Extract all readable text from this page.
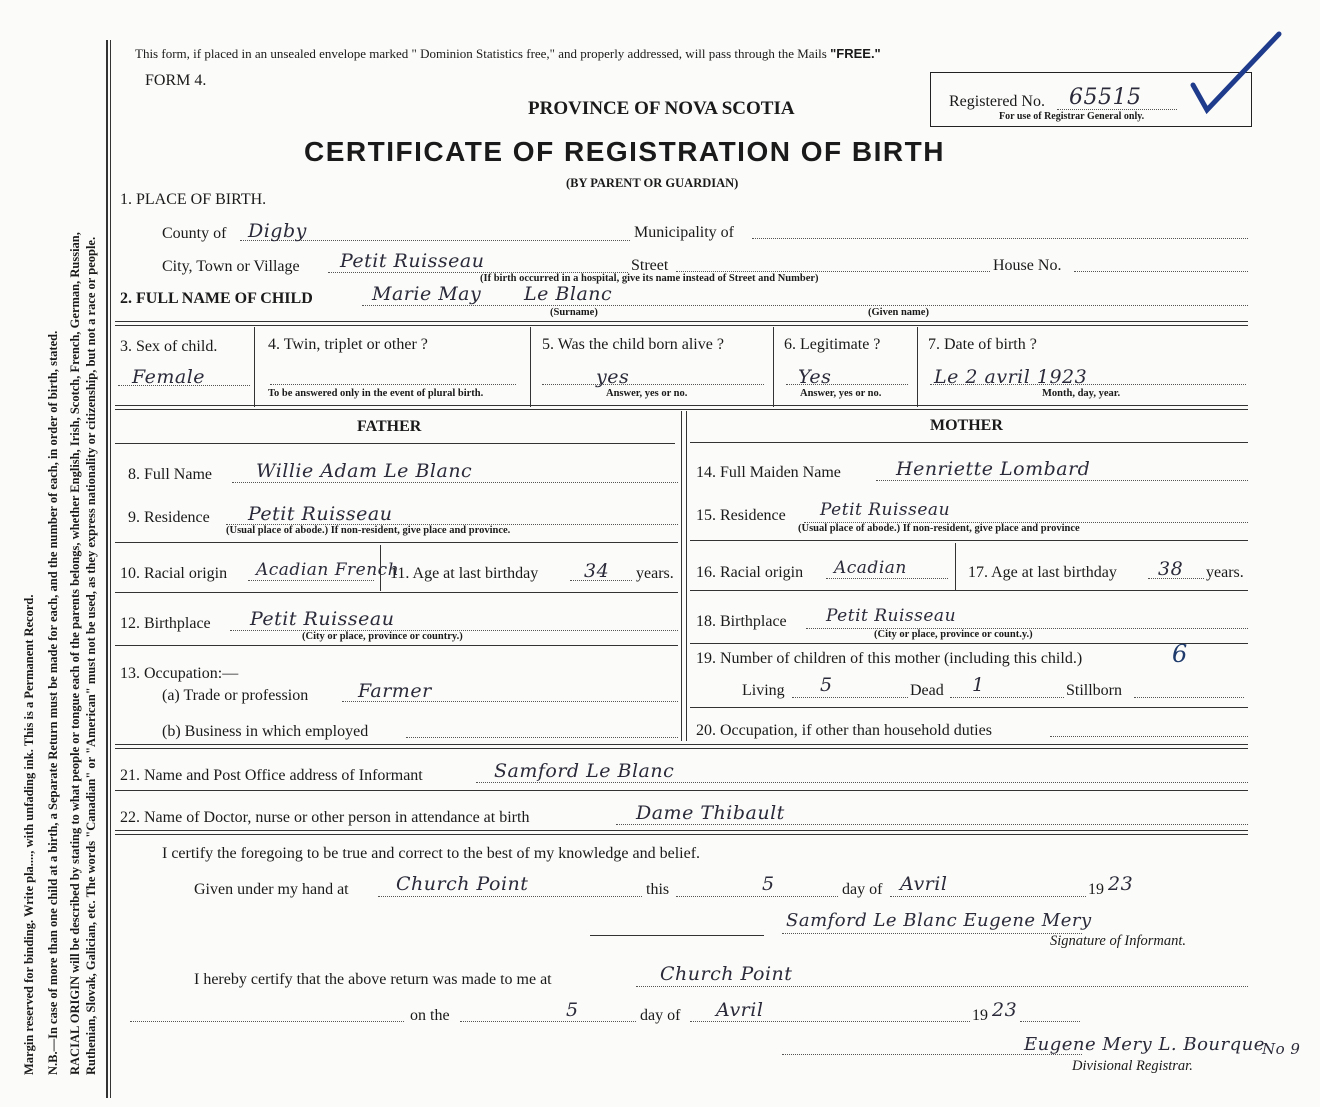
Margin reserved for binding. Write pla...., with unfading ink. This is a Permanent Record. N.B.—In case of more than one child at a birth, a Separate Return must be made for each, and the number of each, in order of birth, stated. RACIAL ORIGIN will be described by stating to what people or tongue each of the parents belongs, whether English, Irish, Scotch, French, German, Russian, Ruthenian, Slovak, Galician, etc. The words "Canadian" or "American" must not be used, as they express nationality or citizenship, but not a race or people.
This form, if placed in an unsealed envelope marked " Dominion Statistics free," and properly addressed, will pass through the Mails "FREE."
FORM 4.
PROVINCE OF NOVA SCOTIA
CERTIFICATE OF REGISTRATION OF BIRTH
(BY PARENT OR GUARDIAN)
Registered No. 65515
For use of Registrar General only.
1. PLACE OF BIRTH.
County of Digby	Municipality of
City, Town or Village Petit Ruisseau	Street	House No.
(If birth occurred in a hospital, give its name instead of Street and Number)
2. FULL NAME OF CHILD	Marie May Le Blanc
(Surname)	(Given name)
3. Sex of child.
Female
4. Twin, triplet or other ?
To be answered only in the event of plural birth.
5. Was the child born alive ?
yes
Answer, yes or no.
6. Legitimate ?
Yes
Answer, yes or no.
7. Date of birth ?
Le 2 avril 1923
Month, day, year.
FATHER	MOTHER
8. Full Name Willie Adam Le Blanc
9. Residence Petit Ruisseau
(Usual place of abode.) If non-resident, give place and province.
10. Racial origin Acadian French
11. Age at last birthday 34 years.
12. Birthplace Petit Ruisseau
(City or place, province or country.)
13. Occupation:—
(a) Trade or profession	Farmer
(b) Business in which employed
14. Full Maiden Name	Henriette Lombard
15. Residence Petit Ruisseau
(Usual place of abode.) If non-resident, give place and province
16. Racial origin Acadian	17. Age at last birthday 38 years.
18. Birthplace Petit Ruisseau
(City or place, province or count.y.)
19. Number of children of this mother (including this child.)	6
Living 5	Dead 1	Stillborn
20. Occupation, if other than household duties
21. Name and Post Office address of Informant	Samford Le Blanc
22. Name of Doctor, nurse or other person in attendance at birth	Dame Thibault
I certify the foregoing to be true and correct to the best of my knowledge and belief.
Given under my hand at Church Point	this	5	day of Avril	19 23
Samford Le Blanc Eugene Mery
Signature of Informant.
I hereby certify that the above return was made to me at	Church Point
on the	5	day of Avril	19 23
Eugene Mery L. Bourque
No 9
Divisional Registrar.
